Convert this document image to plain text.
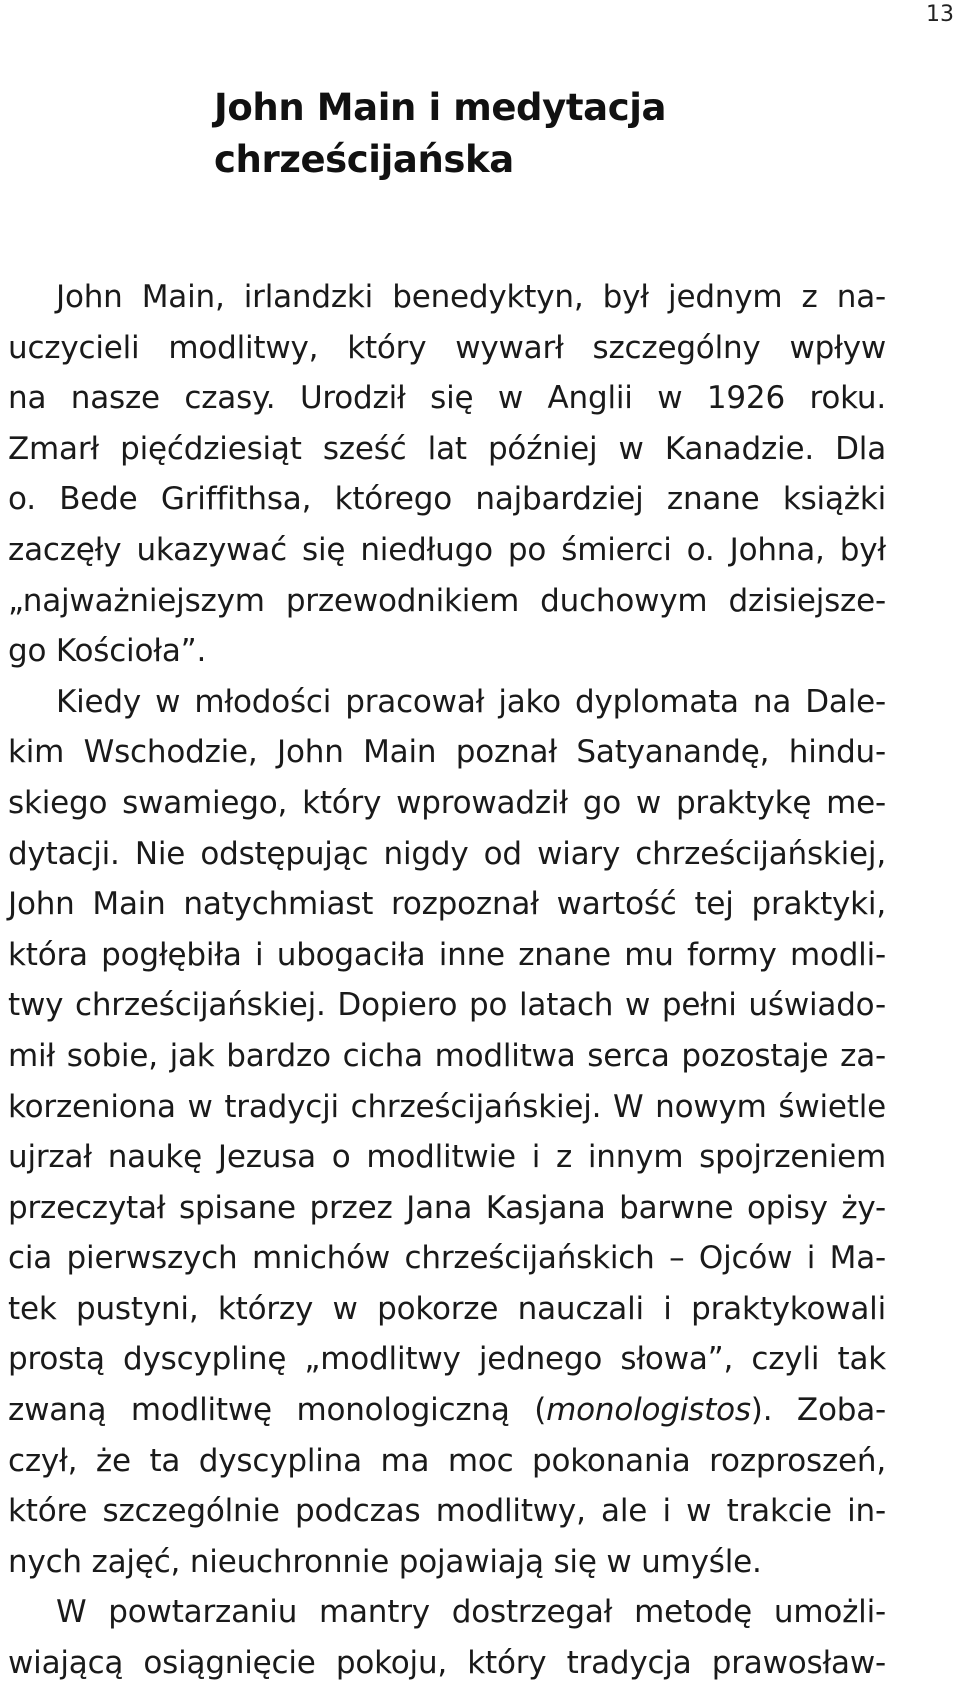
13
John Main i medytacja chrześcijańska
John Main, irlandzki benedyktyn, był jednym z na-
uczycieli modlitwy, który wywarł szczególny wpływ
na nasze czasy. Urodził się w Anglii w 1926 roku.
Zmarł pięćdziesiąt sześć lat później w Kanadzie. Dla
o. Bede Griffithsa, którego najbardziej znane książki
zaczęły ukazywać się niedługo po śmierci o. Johna, był
„najważniejszym przewodnikiem duchowym dzisiejsze-
go Kościoła”.
Kiedy w młodości pracował jako dyplomata na Dale-
kim Wschodzie, John Main poznał Satyanandę, hindu-
skiego swamiego, który wprowadził go w praktykę me-
dytacji. Nie odstępując nigdy od wiary chrześcijańskiej,
John Main natychmiast rozpoznał wartość tej praktyki,
która pogłębiła i ubogaciła inne znane mu formy modli-
twy chrześcijańskiej. Dopiero po latach w pełni uświado-
mił sobie, jak bardzo cicha modlitwa serca pozostaje za-
korzeniona w tradycji chrześcijańskiej. W nowym świetle
ujrzał naukę Jezusa o modlitwie i z innym spojrzeniem
przeczytał spisane przez Jana Kasjana barwne opisy ży-
cia pierwszych mnichów chrześcijańskich – Ojców i Ma-
tek pustyni, którzy w pokorze nauczali i praktykowali
prostą dyscyplinę „modlitwy jednego słowa”, czyli tak
zwaną modlitwę monologiczną (monologistos). Zoba-
czył, że ta dyscyplina ma moc pokonania rozproszeń,
które szczególnie podczas modlitwy, ale i w trakcie in-
nych zajęć, nieuchronnie pojawiają się w umyśle.
W powtarzaniu mantry dostrzegał metodę umożli-
wiającą osiągnięcie pokoju, który tradycja prawosław-
